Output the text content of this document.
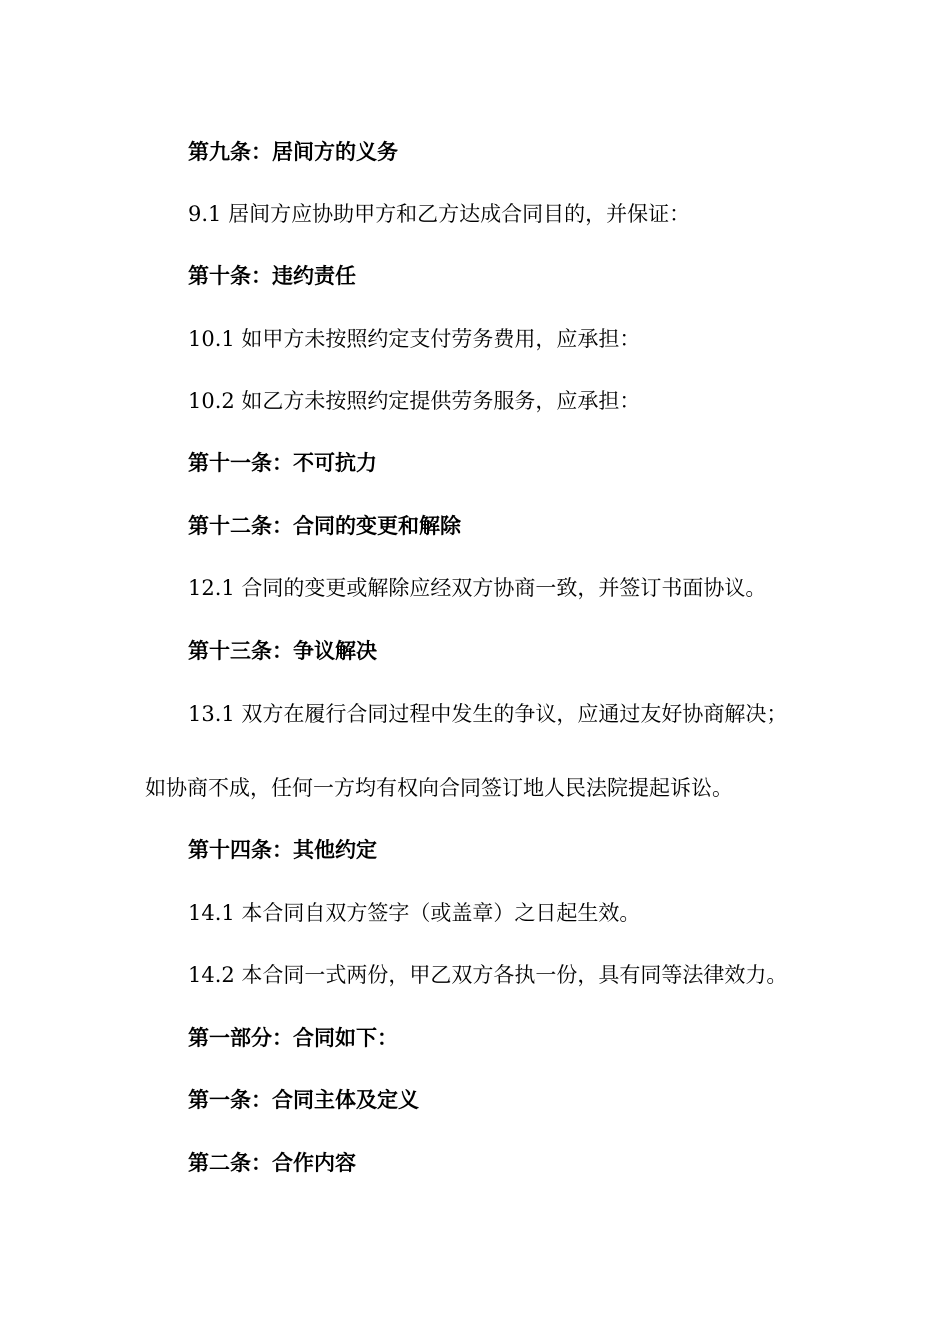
第九条：居间方的义务
9.1 居间方应协助甲方和乙方达成合同目的，并保证：
第十条：违约责任
10.1 如甲方未按照约定支付劳务费用，应承担：
10.2 如乙方未按照约定提供劳务服务，应承担：
第十一条：不可抗力
第十二条：合同的变更和解除
12.1 合同的变更或解除应经双方协商一致，并签订书面协议。
第十三条：争议解决
13.1 双方在履行合同过程中发生的争议，应通过友好协商解决；
如协商不成，任何一方均有权向合同签订地人民法院提起诉讼。
第十四条：其他约定
14.1 本合同自双方签字（或盖章）之日起生效。
14.2 本合同一式两份，甲乙双方各执一份，具有同等法律效力。
第一部分：合同如下：
第一条：合同主体及定义
第二条：合作内容
